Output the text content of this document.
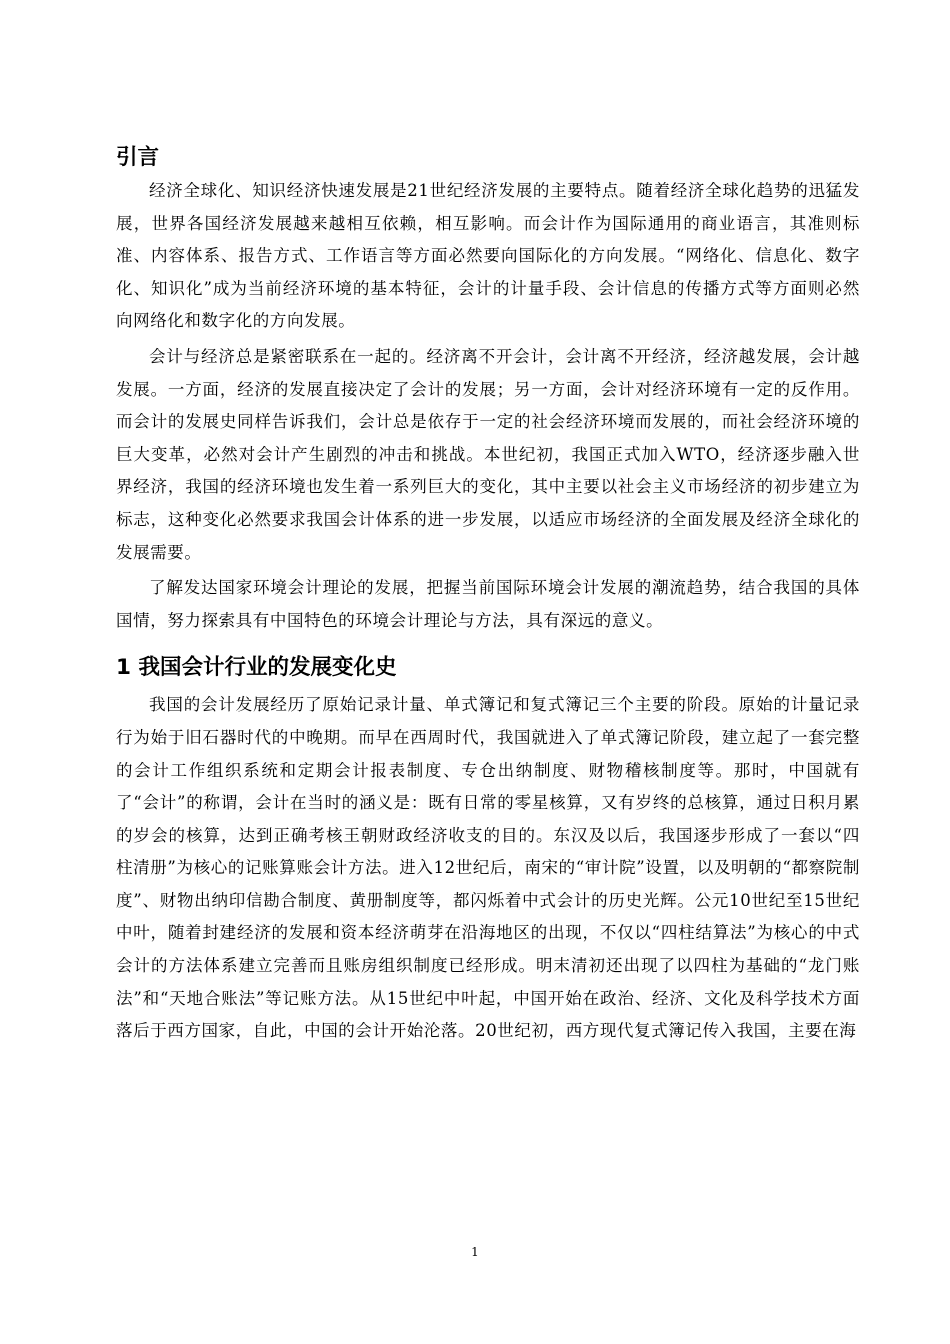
引言

经济全球化、知识经济快速发展是21世纪经济发展的主要特点。随着经济全球化趋势的迅猛发展，世界各国经济发展越来越相互依赖，相互影响。而会计作为国际通用的商业语言，其准则标准、内容体系、报告方式、工作语言等方面必然要向国际化的方向发展。“网络化、信息化、数字化、知识化”成为当前经济环境的基本特征，会计的计量手段、会计信息的传播方式等方面则必然向网络化和数字化的方向发展。

会计与经济总是紧密联系在一起的。经济离不开会计，会计离不开经济，经济越发展，会计越发展。一方面，经济的发展直接决定了会计的发展；另一方面，会计对经济环境有一定的反作用。而会计的发展史同样告诉我们，会计总是依存于一定的社会经济环境而发展的，而社会经济环境的巨大变革，必然对会计产生剧烈的冲击和挑战。本世纪初，我国正式加入WTO，经济逐步融入世界经济，我国的经济环境也发生着一系列巨大的变化，其中主要以社会主义市场经济的初步建立为标志，这种变化必然要求我国会计体系的进一步发展，以适应市场经济的全面发展及经济全球化的发展需要。

了解发达国家环境会计理论的发展，把握当前国际环境会计发展的潮流趋势，结合我国的具体国情，努力探索具有中国特色的环境会计理论与方法，具有深远的意义。

1 我国会计行业的发展变化史

我国的会计发展经历了原始记录计量、单式簿记和复式簿记三个主要的阶段。原始的计量记录行为始于旧石器时代的中晚期。而早在西周时代，我国就进入了单式簿记阶段，建立起了一套完整的会计工作组织系统和定期会计报表制度、专仓出纳制度、财物稽核制度等。那时，中国就有了“会计”的称谓，会计在当时的涵义是：既有日常的零星核算，又有岁终的总核算，通过日积月累的岁会的核算，达到正确考核王朝财政经济收支的目的。东汉及以后，我国逐步形成了一套以“四柱清册”为核心的记账算账会计方法。进入12世纪后，南宋的“审计院”设置，以及明朝的“都察院制度”、财物出纳印信勘合制度、黄册制度等，都闪烁着中式会计的历史光辉。公元10世纪至15世纪中叶，随着封建经济的发展和资本经济萌芽在沿海地区的出现，不仅以“四柱结算法”为核心的中式会计的方法体系建立完善而且账房组织制度已经形成。明末清初还出现了以四柱为基础的“龙门账法”和“天地合账法”等记账方法。从15世纪中叶起，中国开始在政治、经济、文化及科学技术方面落后于西方国家，自此，中国的会计开始沦落。20世纪初，西方现代复式簿记传入我国，主要在海

1
